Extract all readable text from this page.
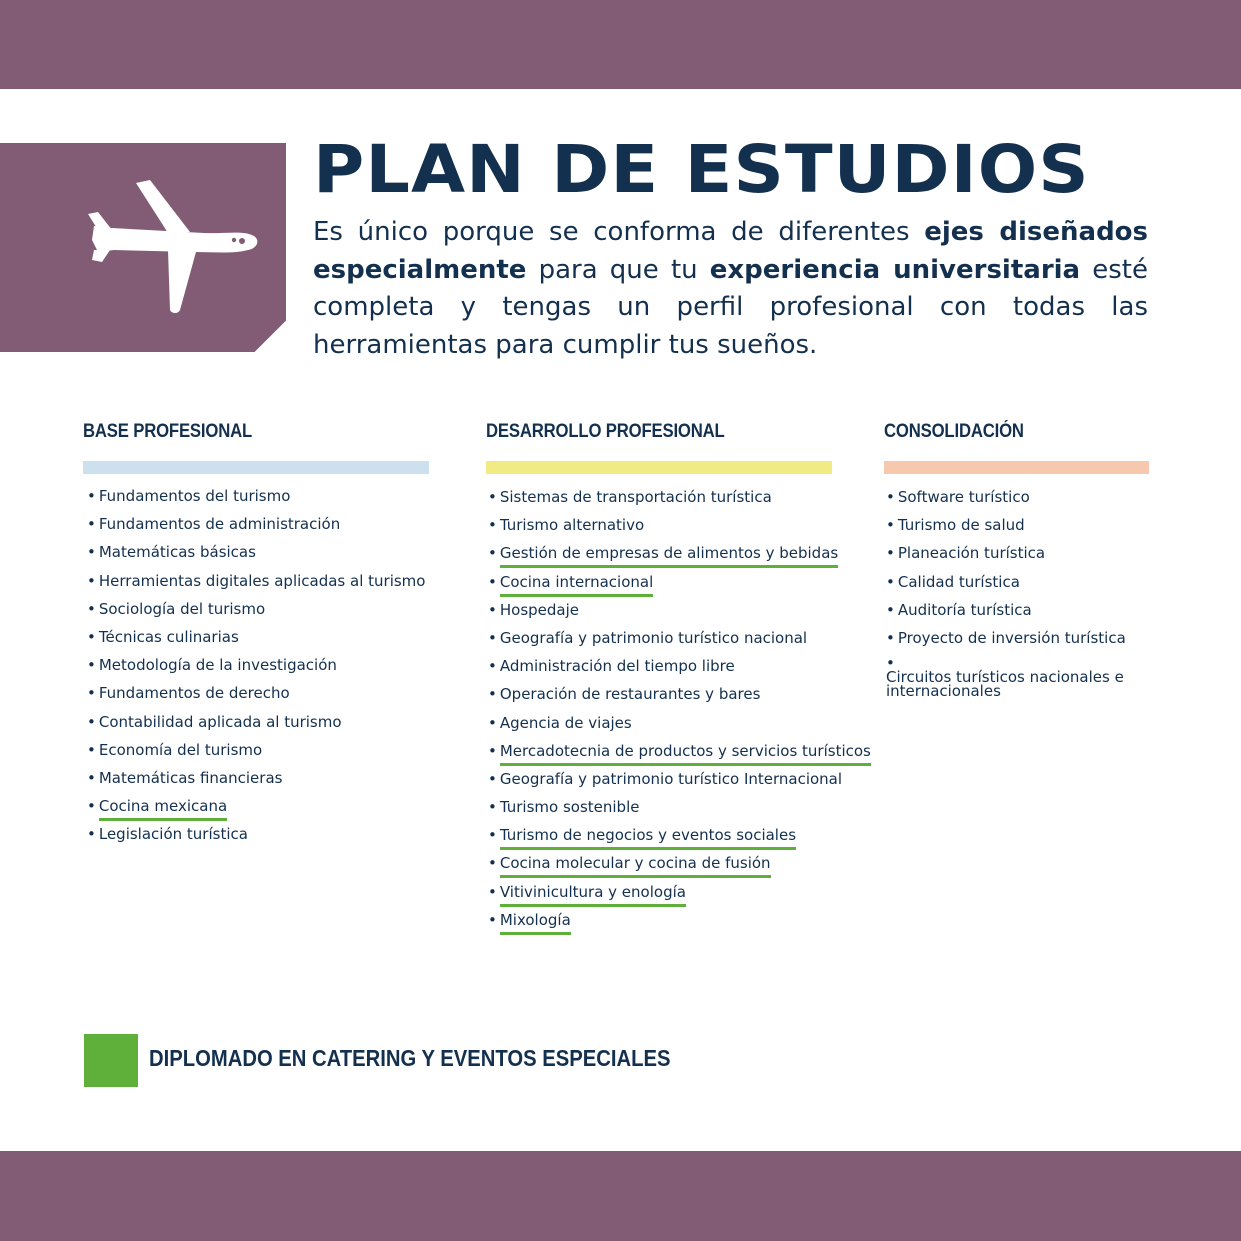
PLAN DE ESTUDIOS

Es único porque se conforma de diferentes ejes diseñados especialmente para que tu experiencia universitaria esté completa y tengas un perfil profesional con todas las herramientas para cumplir tus sueños.

BASE PROFESIONAL
• Fundamentos del turismo
• Fundamentos de administración
• Matemáticas básicas
• Herramientas digitales aplicadas al turismo
• Sociología del turismo
• Técnicas culinarias
• Metodología de la investigación
• Fundamentos de derecho
• Contabilidad aplicada al turismo
• Economía del turismo
• Matemáticas financieras
• Cocina mexicana
• Legislación turística
DESARROLLO PROFESIONAL
• Sistemas de transportación turística
• Turismo alternativo
• Gestión de empresas de alimentos y bebidas
• Cocina internacional
• Hospedaje
• Geografía y patrimonio turístico nacional
• Administración del tiempo libre
• Operación de restaurantes y bares
• Agencia de viajes
• Mercadotecnia de productos y servicios turísticos
• Geografía y patrimonio turístico Internacional
• Turismo sostenible
• Turismo de negocios y eventos sociales
• Cocina molecular y cocina de fusión
• Vitivinicultura y enología
• Mixología
CONSOLIDACIÓN
• Software turístico
• Turismo de salud
• Planeación turística
• Calidad turística
• Auditoría turística
• Proyecto de inversión turística
•Circuitos turísticos nacionales e internacionales
DIPLOMADO EN CATERING Y EVENTOS ESPECIALES
